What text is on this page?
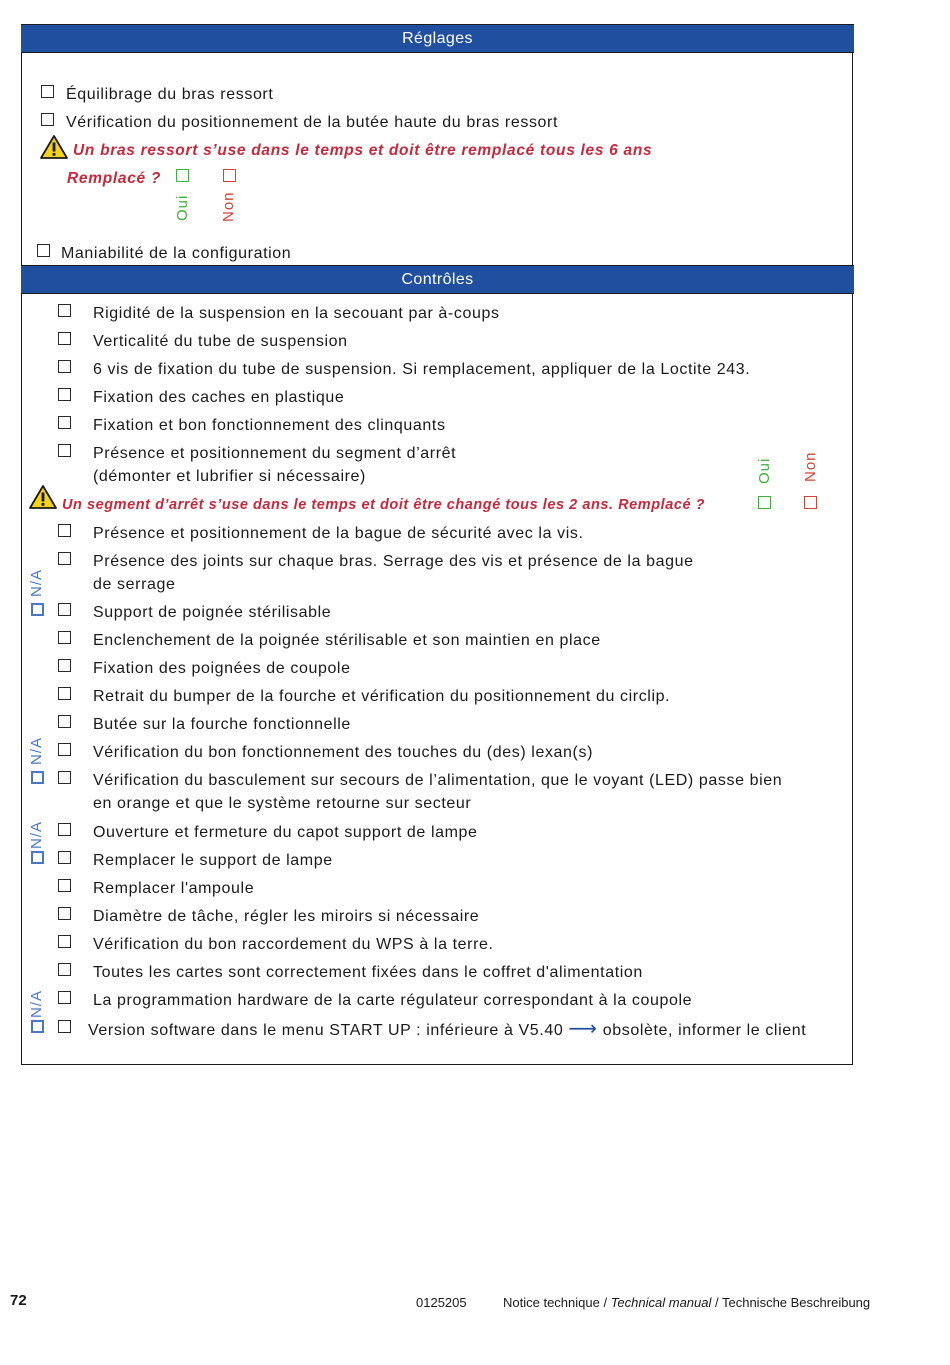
Réglages
Équilibrage du bras ressort
Vérification du positionnement de la butée haute du bras ressort
Un bras ressort s’use dans le temps et doit être remplacé tous les 6 ans
Remplacé ?
Oui Non
Maniabilité de la configuration
Contrôles
Rigidité de la suspension en la secouant par à-coups
Verticalité du tube de suspension
6 vis de fixation du tube de suspension. Si remplacement, appliquer de la Loctite 243.
Fixation des caches en plastique
Fixation et bon fonctionnement des clinquants
Présence et positionnement du segment d’arrêt
(démonter et lubrifier si nécessaire)	Oui Non
Un segment d’arrêt s’use dans le temps et doit être changé tous les 2 ans. Remplacé ?
Présence et positionnement de la bague de sécurité avec la vis.
Présence des joints sur chaque bras. Serrage des vis et présence de la bague
de serrage
N/A
Support de poignée stérilisable
Enclenchement de la poignée stérilisable et son maintien en place
Fixation des poignées de coupole
Retrait du bumper de la fourche et vérification du positionnement du circlip.
Butée sur la fourche fonctionnelle
N/A	Vérification du bon fonctionnement des touches du (des) lexan(s)
Vérification du basculement sur secours de l’alimentation, que le voyant (LED) passe bien
en orange et que le système retourne sur secteur
N/A	Ouverture et fermeture du capot support de lampe
Remplacer le support de lampe
Remplacer l'ampoule
Diamètre de tâche, régler les miroirs si nécessaire
Vérification du bon raccordement du WPS à la terre.
Toutes les cartes sont correctement fixées dans le coffret d'alimentation
N/A	La programmation hardware de la carte régulateur correspondant à la coupole
Version software dans le menu START UP : inférieure à V5.40 ⟶ obsolète, informer le client
72	0125205	Notice technique / Technical manual / Technische Beschreibung
